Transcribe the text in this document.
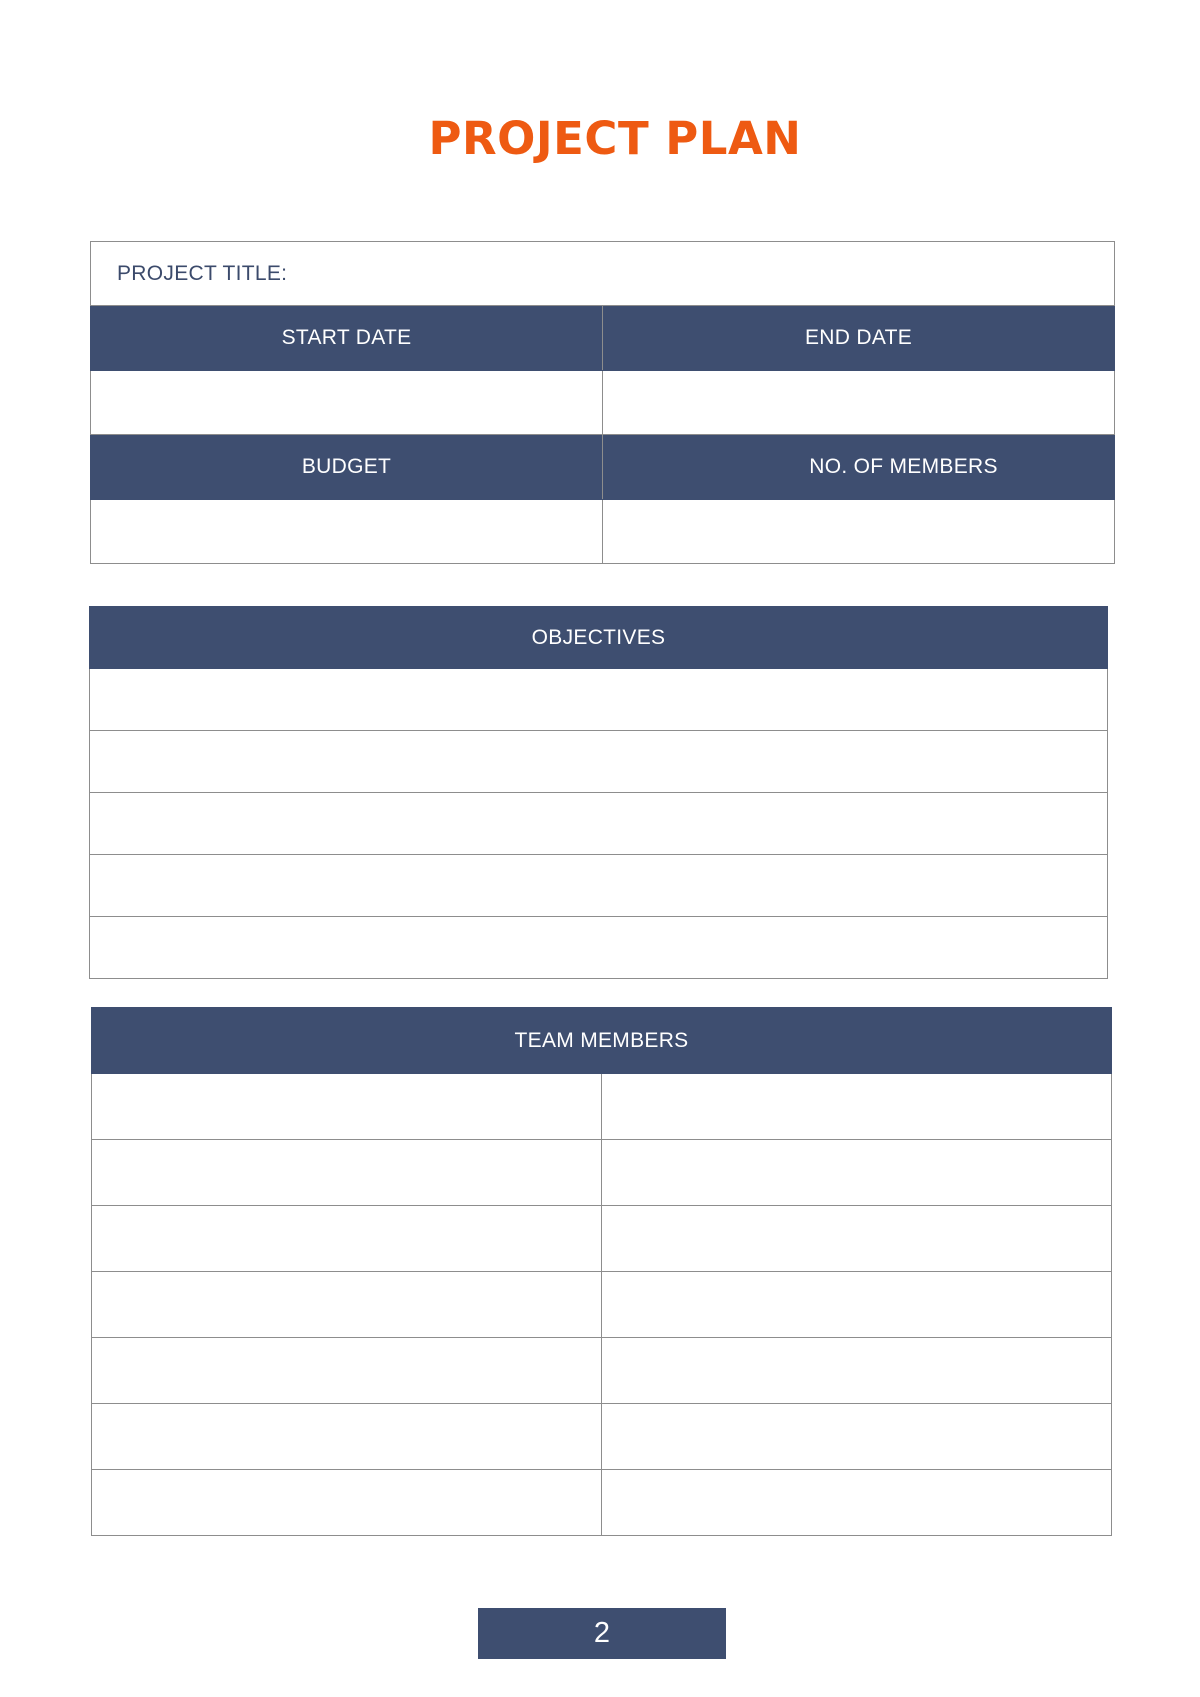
PROJECT PLAN
PROJECT TITLE:	
START DATE	END DATE

BUDGET	NO. OF MEMBERS

OBJECTIVES

TEAM MEMBERS	

2
